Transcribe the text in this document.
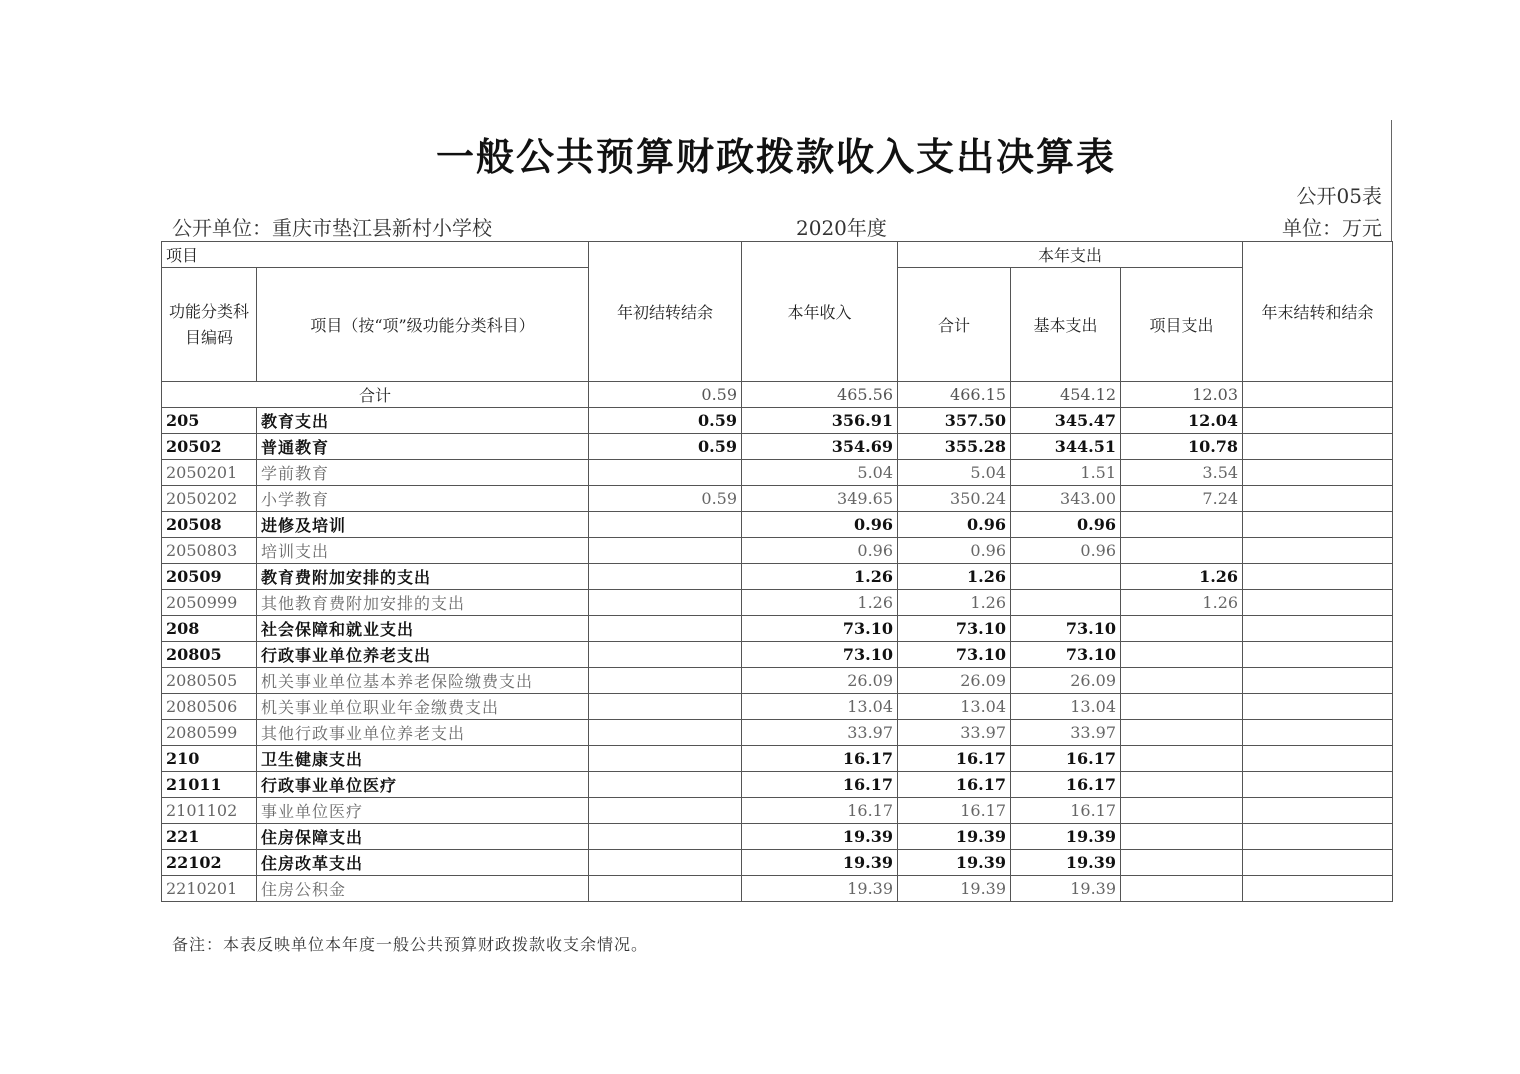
一般公共预算财政拨款收入支出决算表
公开05表
公开单位：重庆市垫江县新村小学校	2020年度	单位：万元
项目		年初结转结余	本年收入	本年支出			年末结转和结余
功能分类科目编码	项目（按“项”级功能分类科目）			合计	基本支出	项目支出	
合计		0.59	465.56	466.15	454.12	12.03	
205	教育支出	0.59	356.91	357.50	345.47	12.04	
20502	普通教育	0.59	354.69	355.28	344.51	10.78	
2050201	学前教育		5.04	5.04	1.51	3.54	
2050202	小学教育	0.59	349.65	350.24	343.00	7.24	
20508	进修及培训		0.96	0.96	0.96		
2050803	培训支出		0.96	0.96	0.96		
20509	教育费附加安排的支出		1.26	1.26		1.26	
2050999	其他教育费附加安排的支出		1.26	1.26		1.26	
208	社会保障和就业支出		73.10	73.10	73.10		
20805	行政事业单位养老支出		73.10	73.10	73.10		
2080505	机关事业单位基本养老保险缴费支出		26.09	26.09	26.09		
2080506	机关事业单位职业年金缴费支出		13.04	13.04	13.04		
2080599	其他行政事业单位养老支出		33.97	33.97	33.97		
210	卫生健康支出		16.17	16.17	16.17		
21011	行政事业单位医疗		16.17	16.17	16.17		
2101102	事业单位医疗		16.17	16.17	16.17		
221	住房保障支出		19.39	19.39	19.39		
22102	住房改革支出		19.39	19.39	19.39		
2210201	住房公积金		19.39	19.39	19.39		
备注：本表反映单位本年度一般公共预算财政拨款收支余情况。
